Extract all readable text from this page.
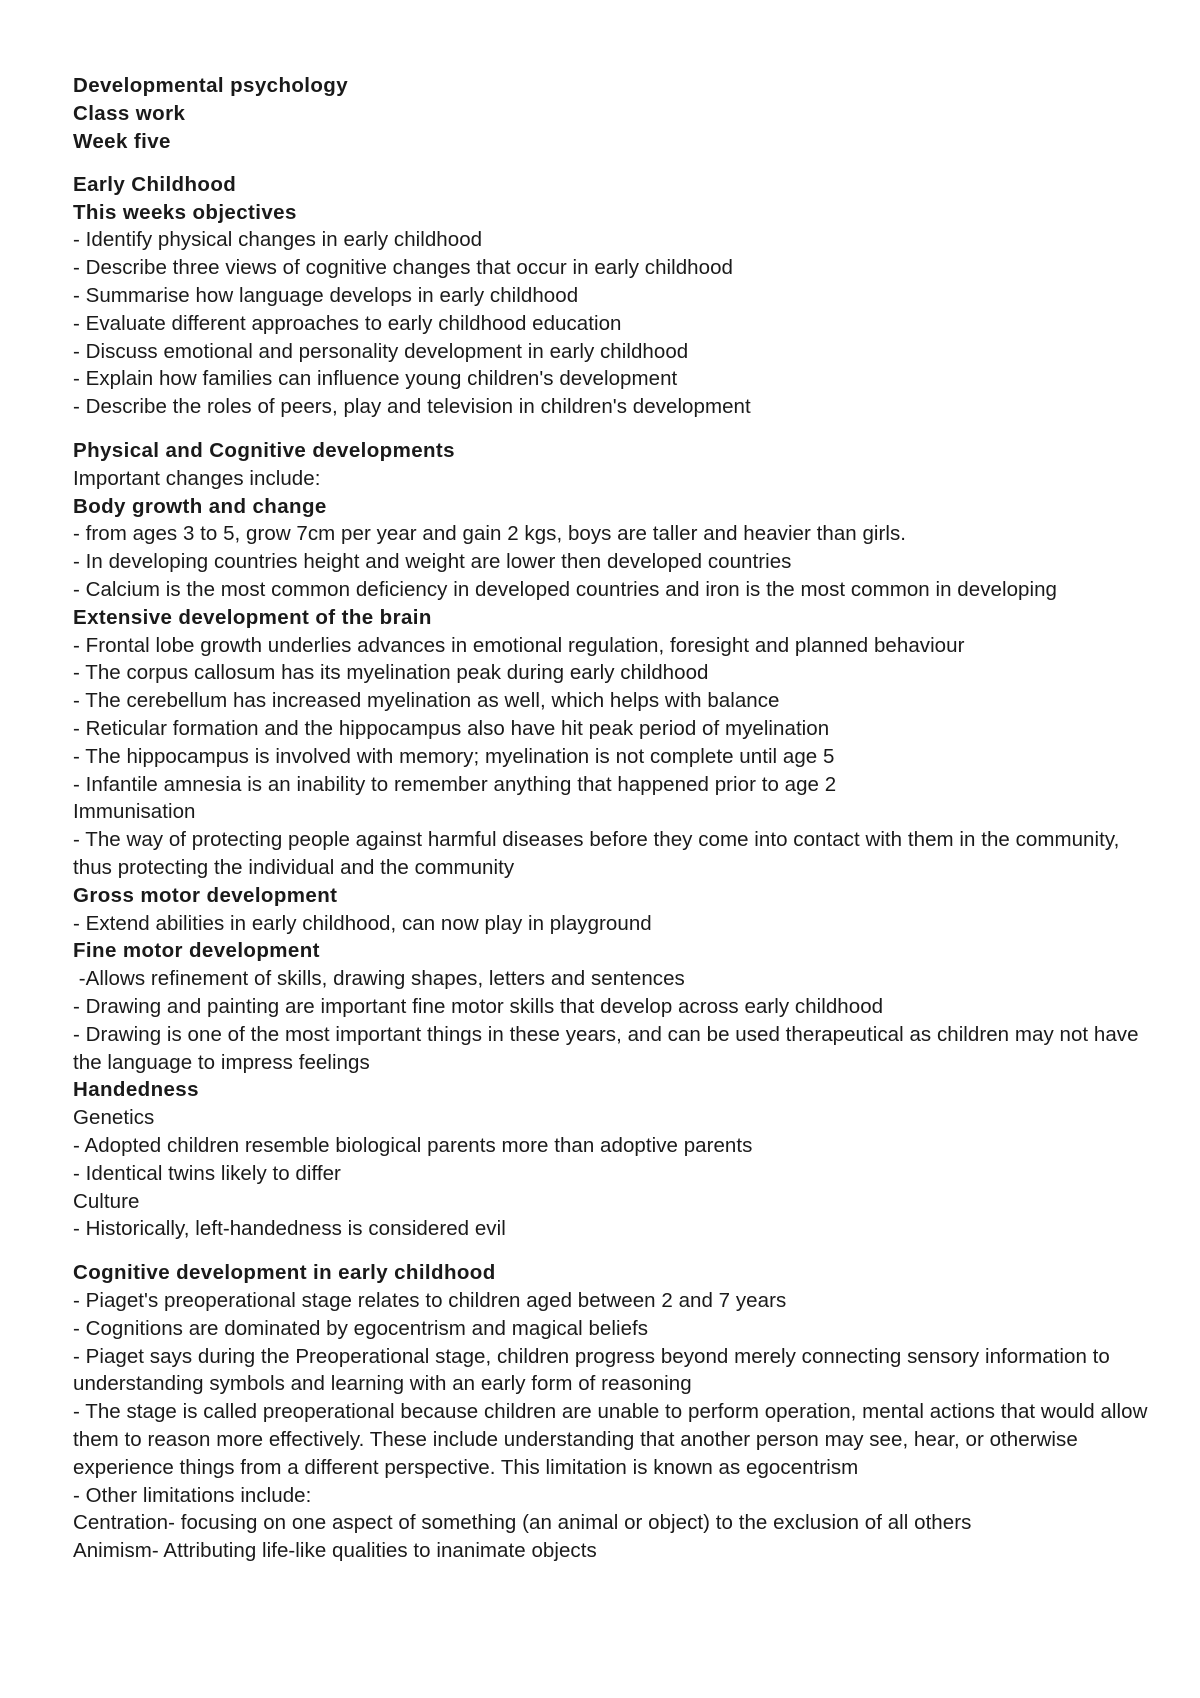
Developmental psychology
Class work
Week five
Early Childhood
This weeks objectives
- Identify physical changes in early childhood
- Describe three views of cognitive changes that occur in early childhood
- Summarise how language develops in early childhood
- Evaluate different approaches to early childhood education
- Discuss emotional and personality development in early childhood
- Explain how families can influence young children's development
- Describe the roles of peers, play and television in children's development
Physical and Cognitive developments
Important changes include:
Body growth and change
- from ages 3 to 5, grow 7cm per year and gain 2 kgs, boys are taller and heavier than girls.
- In developing countries height and weight are lower then developed countries
- Calcium is the most common deficiency in developed countries and iron is the most common in developing
Extensive development of the brain
- Frontal lobe growth underlies advances in emotional regulation, foresight and planned behaviour
- The corpus callosum has its myelination peak during early childhood
- The cerebellum has increased myelination as well, which helps with balance
- Reticular formation and the hippocampus also have hit peak period of myelination
- The hippocampus is involved with memory; myelination is not complete until age 5
- Infantile amnesia is an inability to remember anything that happened prior to age 2
Immunisation
- The way of protecting people against harmful diseases before they come into contact with them in the community, thus protecting the individual and the community
Gross motor development
- Extend abilities in early childhood, can now play in playground
Fine motor development
-Allows refinement of skills, drawing shapes, letters and sentences
- Drawing and painting are important fine motor skills that develop across early childhood
- Drawing is one of the most important things in these years, and can be used therapeutical as children may not have the language to impress feelings
Handedness
Genetics
- Adopted children resemble biological parents more than adoptive parents
- Identical twins likely to differ
Culture
- Historically, left-handedness is considered evil
Cognitive development in early childhood
- Piaget's preoperational stage relates to children aged between 2 and 7 years
- Cognitions are dominated by egocentrism and magical beliefs
- Piaget says during the Preoperational stage, children progress beyond merely connecting sensory information to understanding symbols and learning with an early form of reasoning
- The stage is called preoperational because children are unable to perform operation, mental actions that would allow them to reason more effectively. These include understanding that another person may see, hear, or otherwise experience things from a different perspective. This limitation is known as egocentrism
- Other limitations include:
Centration- focusing on one aspect of something (an animal or object) to the exclusion of all others
Animism- Attributing life-like qualities to inanimate objects
